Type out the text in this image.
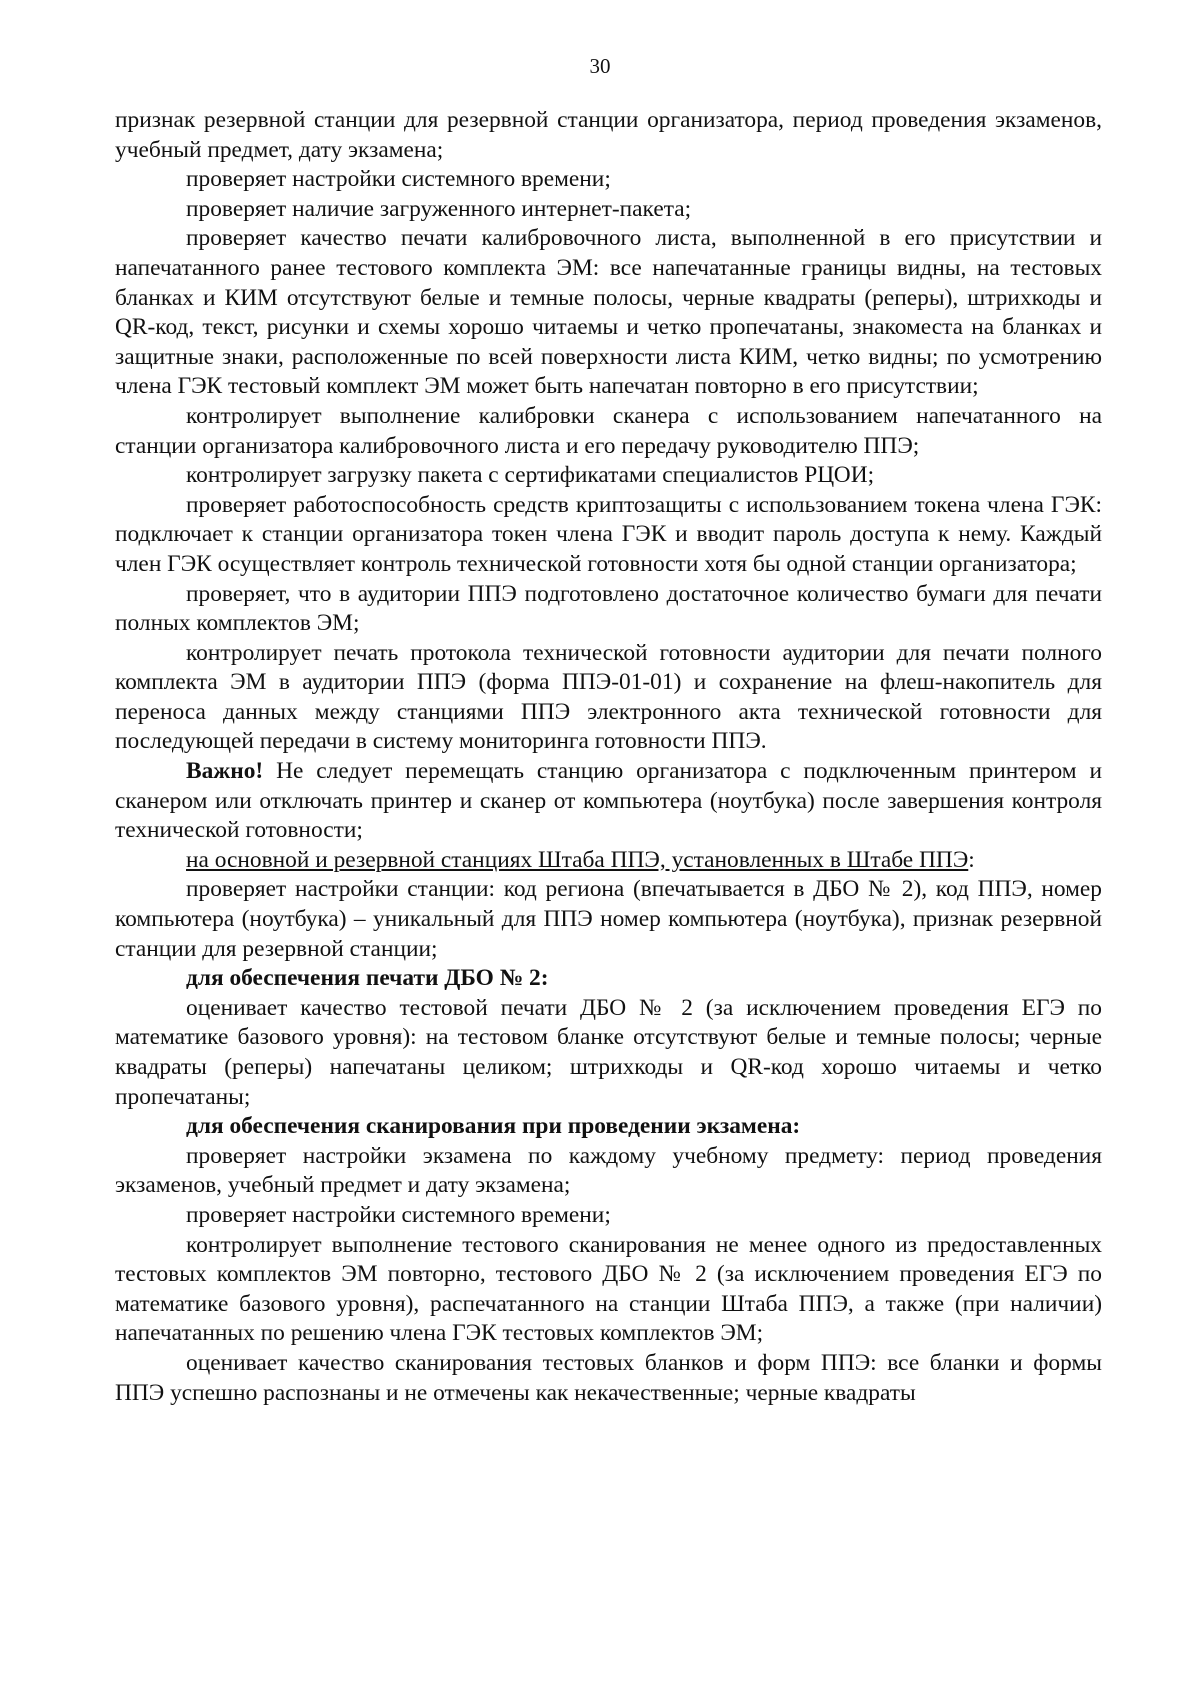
30

признак резервной станции для резервной станции организатора, период проведения экзаменов, учебный предмет, дату экзамена;

проверяет настройки системного времени;

проверяет наличие загруженного интернет-пакета;

проверяет качество печати калибровочного листа, выполненной в его присутствии и напечатанного ранее тестового комплекта ЭМ: все напечатанные границы видны, на тестовых бланках и КИМ отсутствуют белые и темные полосы, черные квадраты (реперы), штрихкоды и QR-код, текст, рисунки и схемы хорошо читаемы и четко пропечатаны, знакоместа на бланках и защитные знаки, расположенные по всей поверхности листа КИМ, четко видны; по усмотрению члена ГЭК тестовый комплект ЭМ может быть напечатан повторно в его присутствии;

контролирует выполнение калибровки сканера с использованием напечатанного на станции организатора калибровочного листа и его передачу руководителю ППЭ;

контролирует загрузку пакета с сертификатами специалистов РЦОИ;

проверяет работоспособность средств криптозащиты с использованием токена члена ГЭК: подключает к станции организатора токен члена ГЭК и вводит пароль доступа к нему. Каждый член ГЭК осуществляет контроль технической готовности хотя бы одной станции организатора;

проверяет, что в аудитории ППЭ подготовлено достаточное количество бумаги для печати полных комплектов ЭМ;

контролирует печать протокола технической готовности аудитории для печати полного комплекта ЭМ в аудитории ППЭ (форма ППЭ-01-01) и сохранение на флеш-накопитель для переноса данных между станциями ППЭ электронного акта технической готовности для последующей передачи в систему мониторинга готовности ППЭ.

Важно! Не следует перемещать станцию организатора с подключенным принтером и сканером или отключать принтер и сканер от компьютера (ноутбука) после завершения контроля технической готовности;

на основной и резервной станциях Штаба ППЭ, установленных в Штабе ППЭ:

проверяет настройки станции: код региона (впечатывается в ДБО № 2), код ППЭ, номер компьютера (ноутбука) – уникальный для ППЭ номер компьютера (ноутбука), признак резервной станции для резервной станции;

для обеспечения печати ДБО № 2:

оценивает качество тестовой печати ДБО № 2 (за исключением проведения ЕГЭ по математике базового уровня): на тестовом бланке отсутствуют белые и темные полосы; черные квадраты (реперы) напечатаны целиком; штрихкоды и QR-код хорошо читаемы и четко пропечатаны;

для обеспечения сканирования при проведении экзамена:

проверяет настройки экзамена по каждому учебному предмету: период проведения экзаменов, учебный предмет и дату экзамена;

проверяет настройки системного времени;

контролирует выполнение тестового сканирования не менее одного из предоставленных тестовых комплектов ЭМ повторно, тестового ДБО № 2 (за исключением проведения ЕГЭ по математике базового уровня), распечатанного на станции Штаба ППЭ, а также (при наличии) напечатанных по решению члена ГЭК тестовых комплектов ЭМ;

оценивает качество сканирования тестовых бланков и форм ППЭ: все бланки и формы ППЭ успешно распознаны и не отмечены как некачественные; черные квадраты
